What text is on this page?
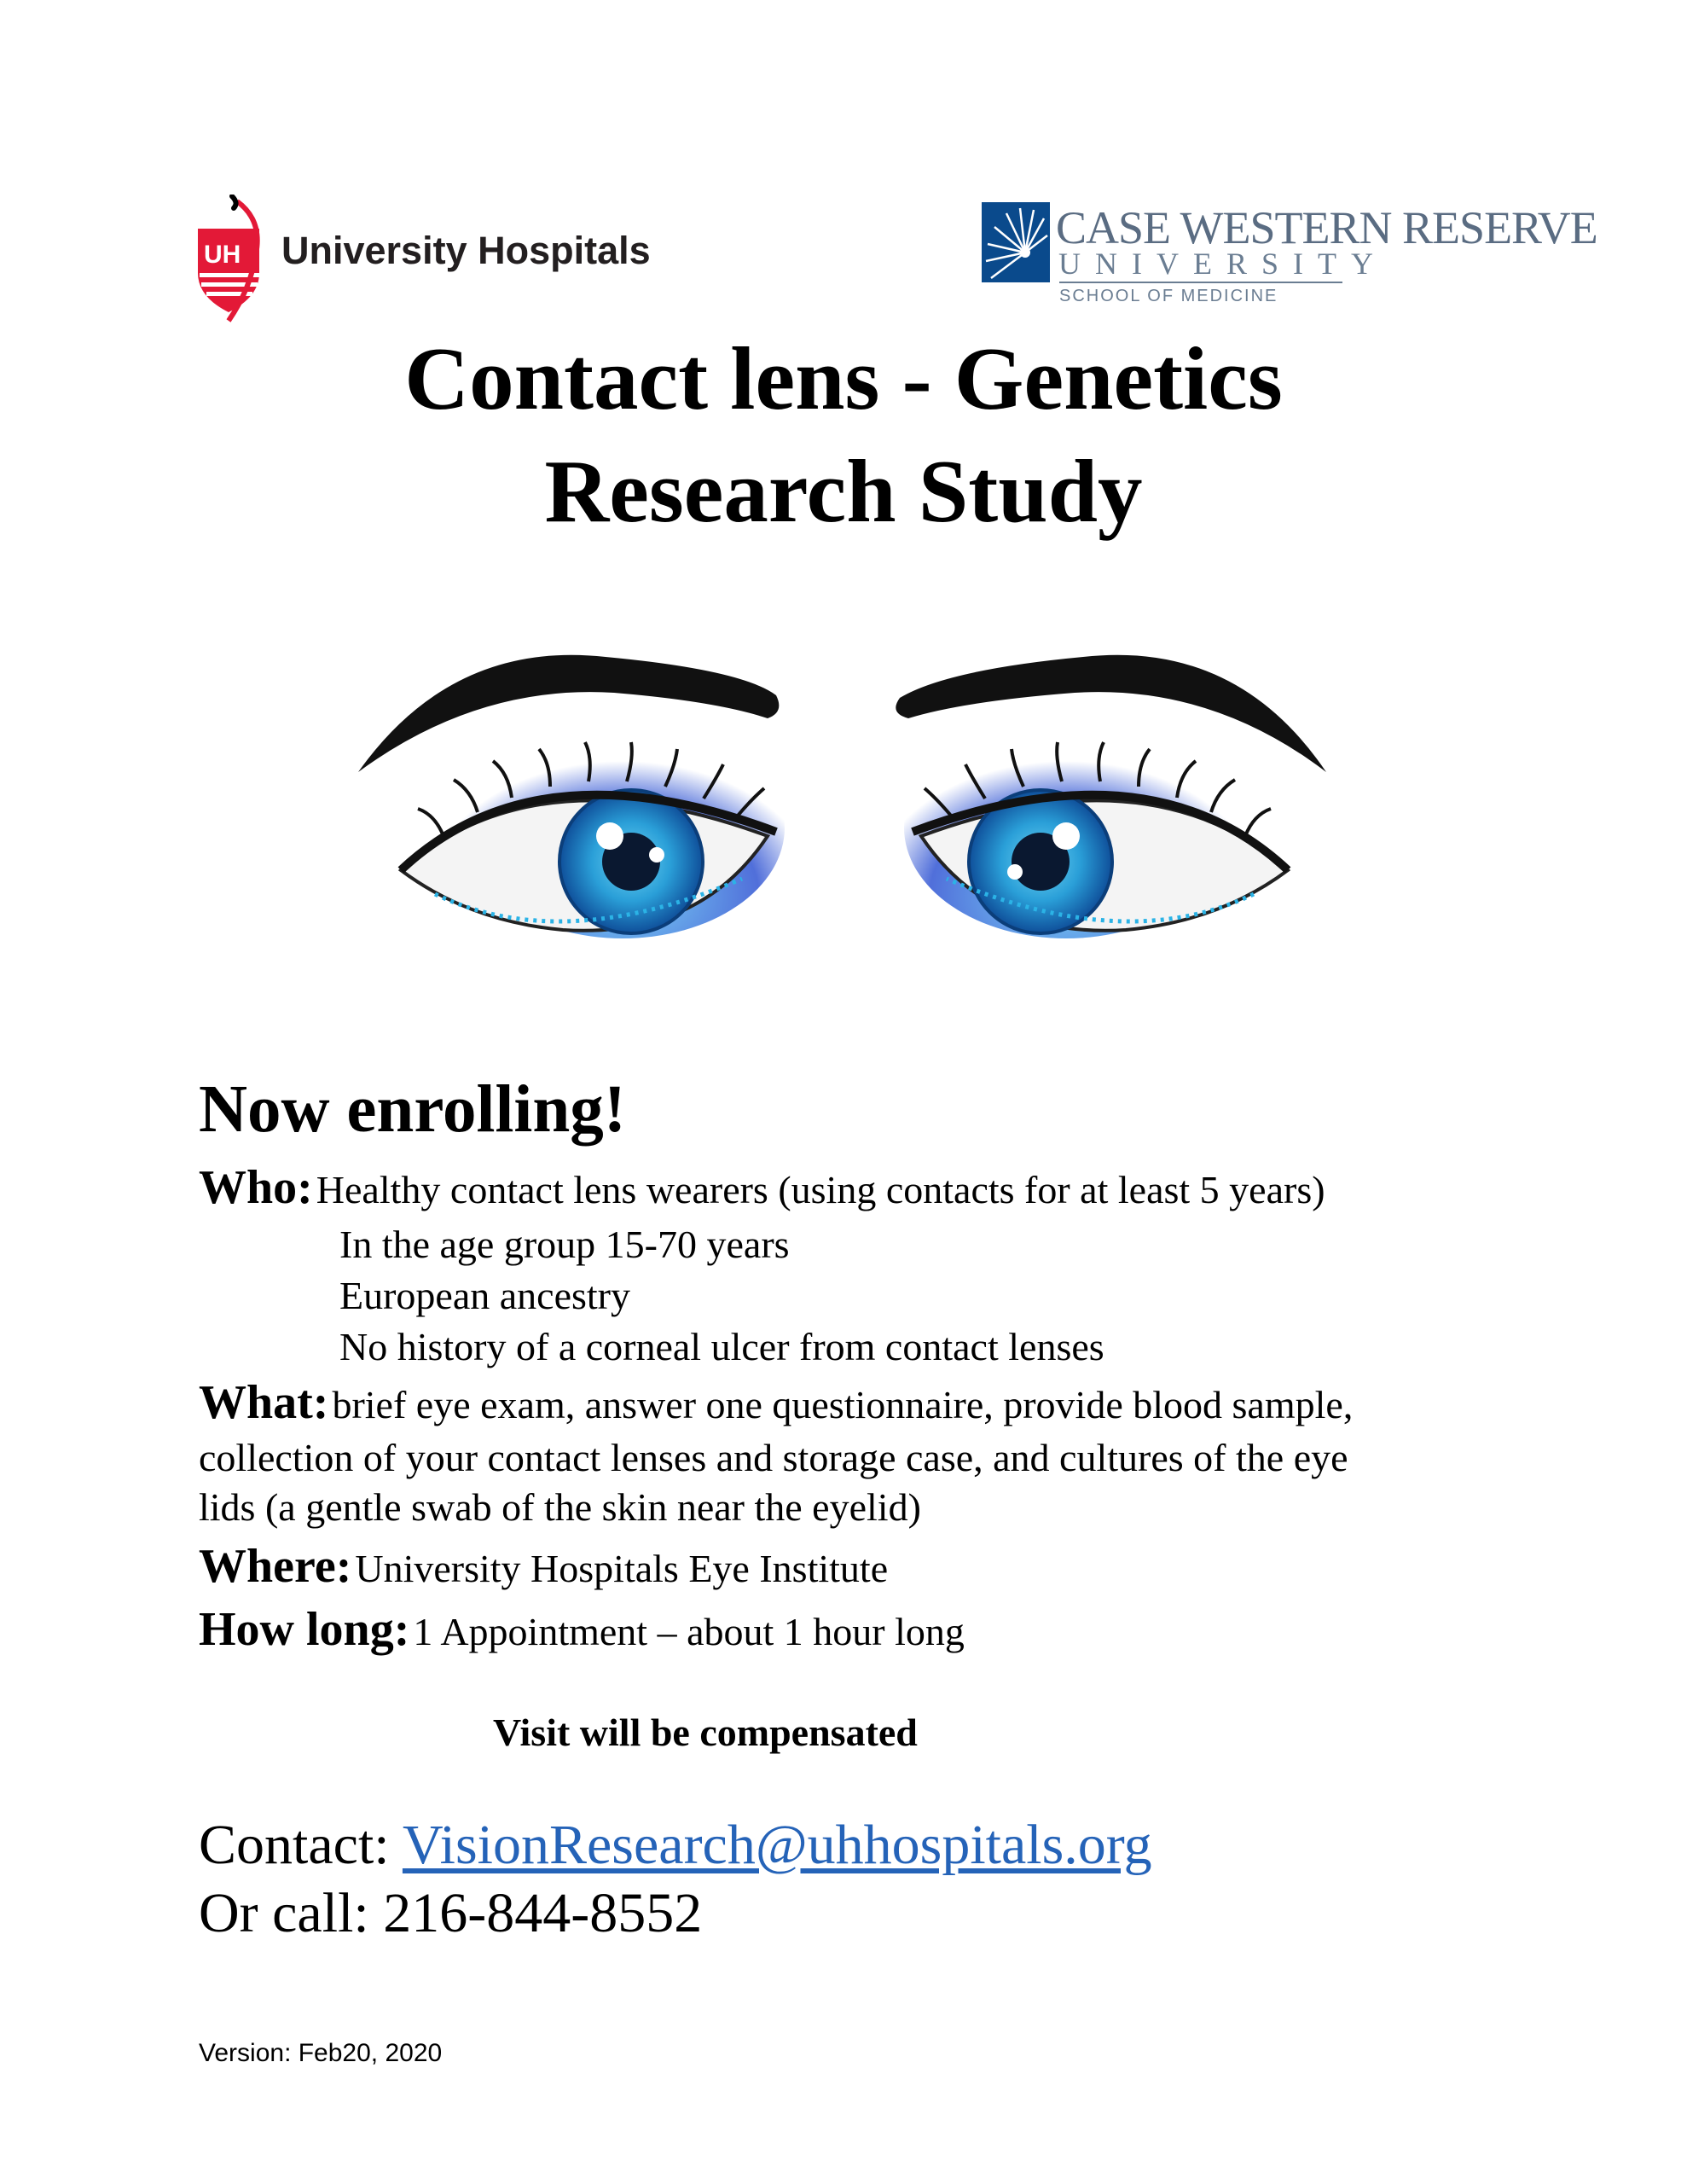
UH University Hospitals	CASE WESTERN RESERVE
UNIVERSITY
SCHOOL OF MEDICINE
Contact lens - Genetics
Research Study
Now enrolling!
Who: Healthy contact lens wearers (using contacts for at least 5 years)
In the age group 15-70 years
European ancestry
No history of a corneal ulcer from contact lenses
What: brief eye exam, answer one questionnaire, provide blood sample,
collection of your contact lenses and storage case, and cultures of the eye
lids (a gentle swab of the skin near the eyelid)
Where: University Hospitals Eye Institute
How long: 1 Appointment – about 1 hour long
Visit will be compensated
Contact: VisionResearch@uhhospitals.org
Or call: 216-844-8552
Version: Feb20, 2020
